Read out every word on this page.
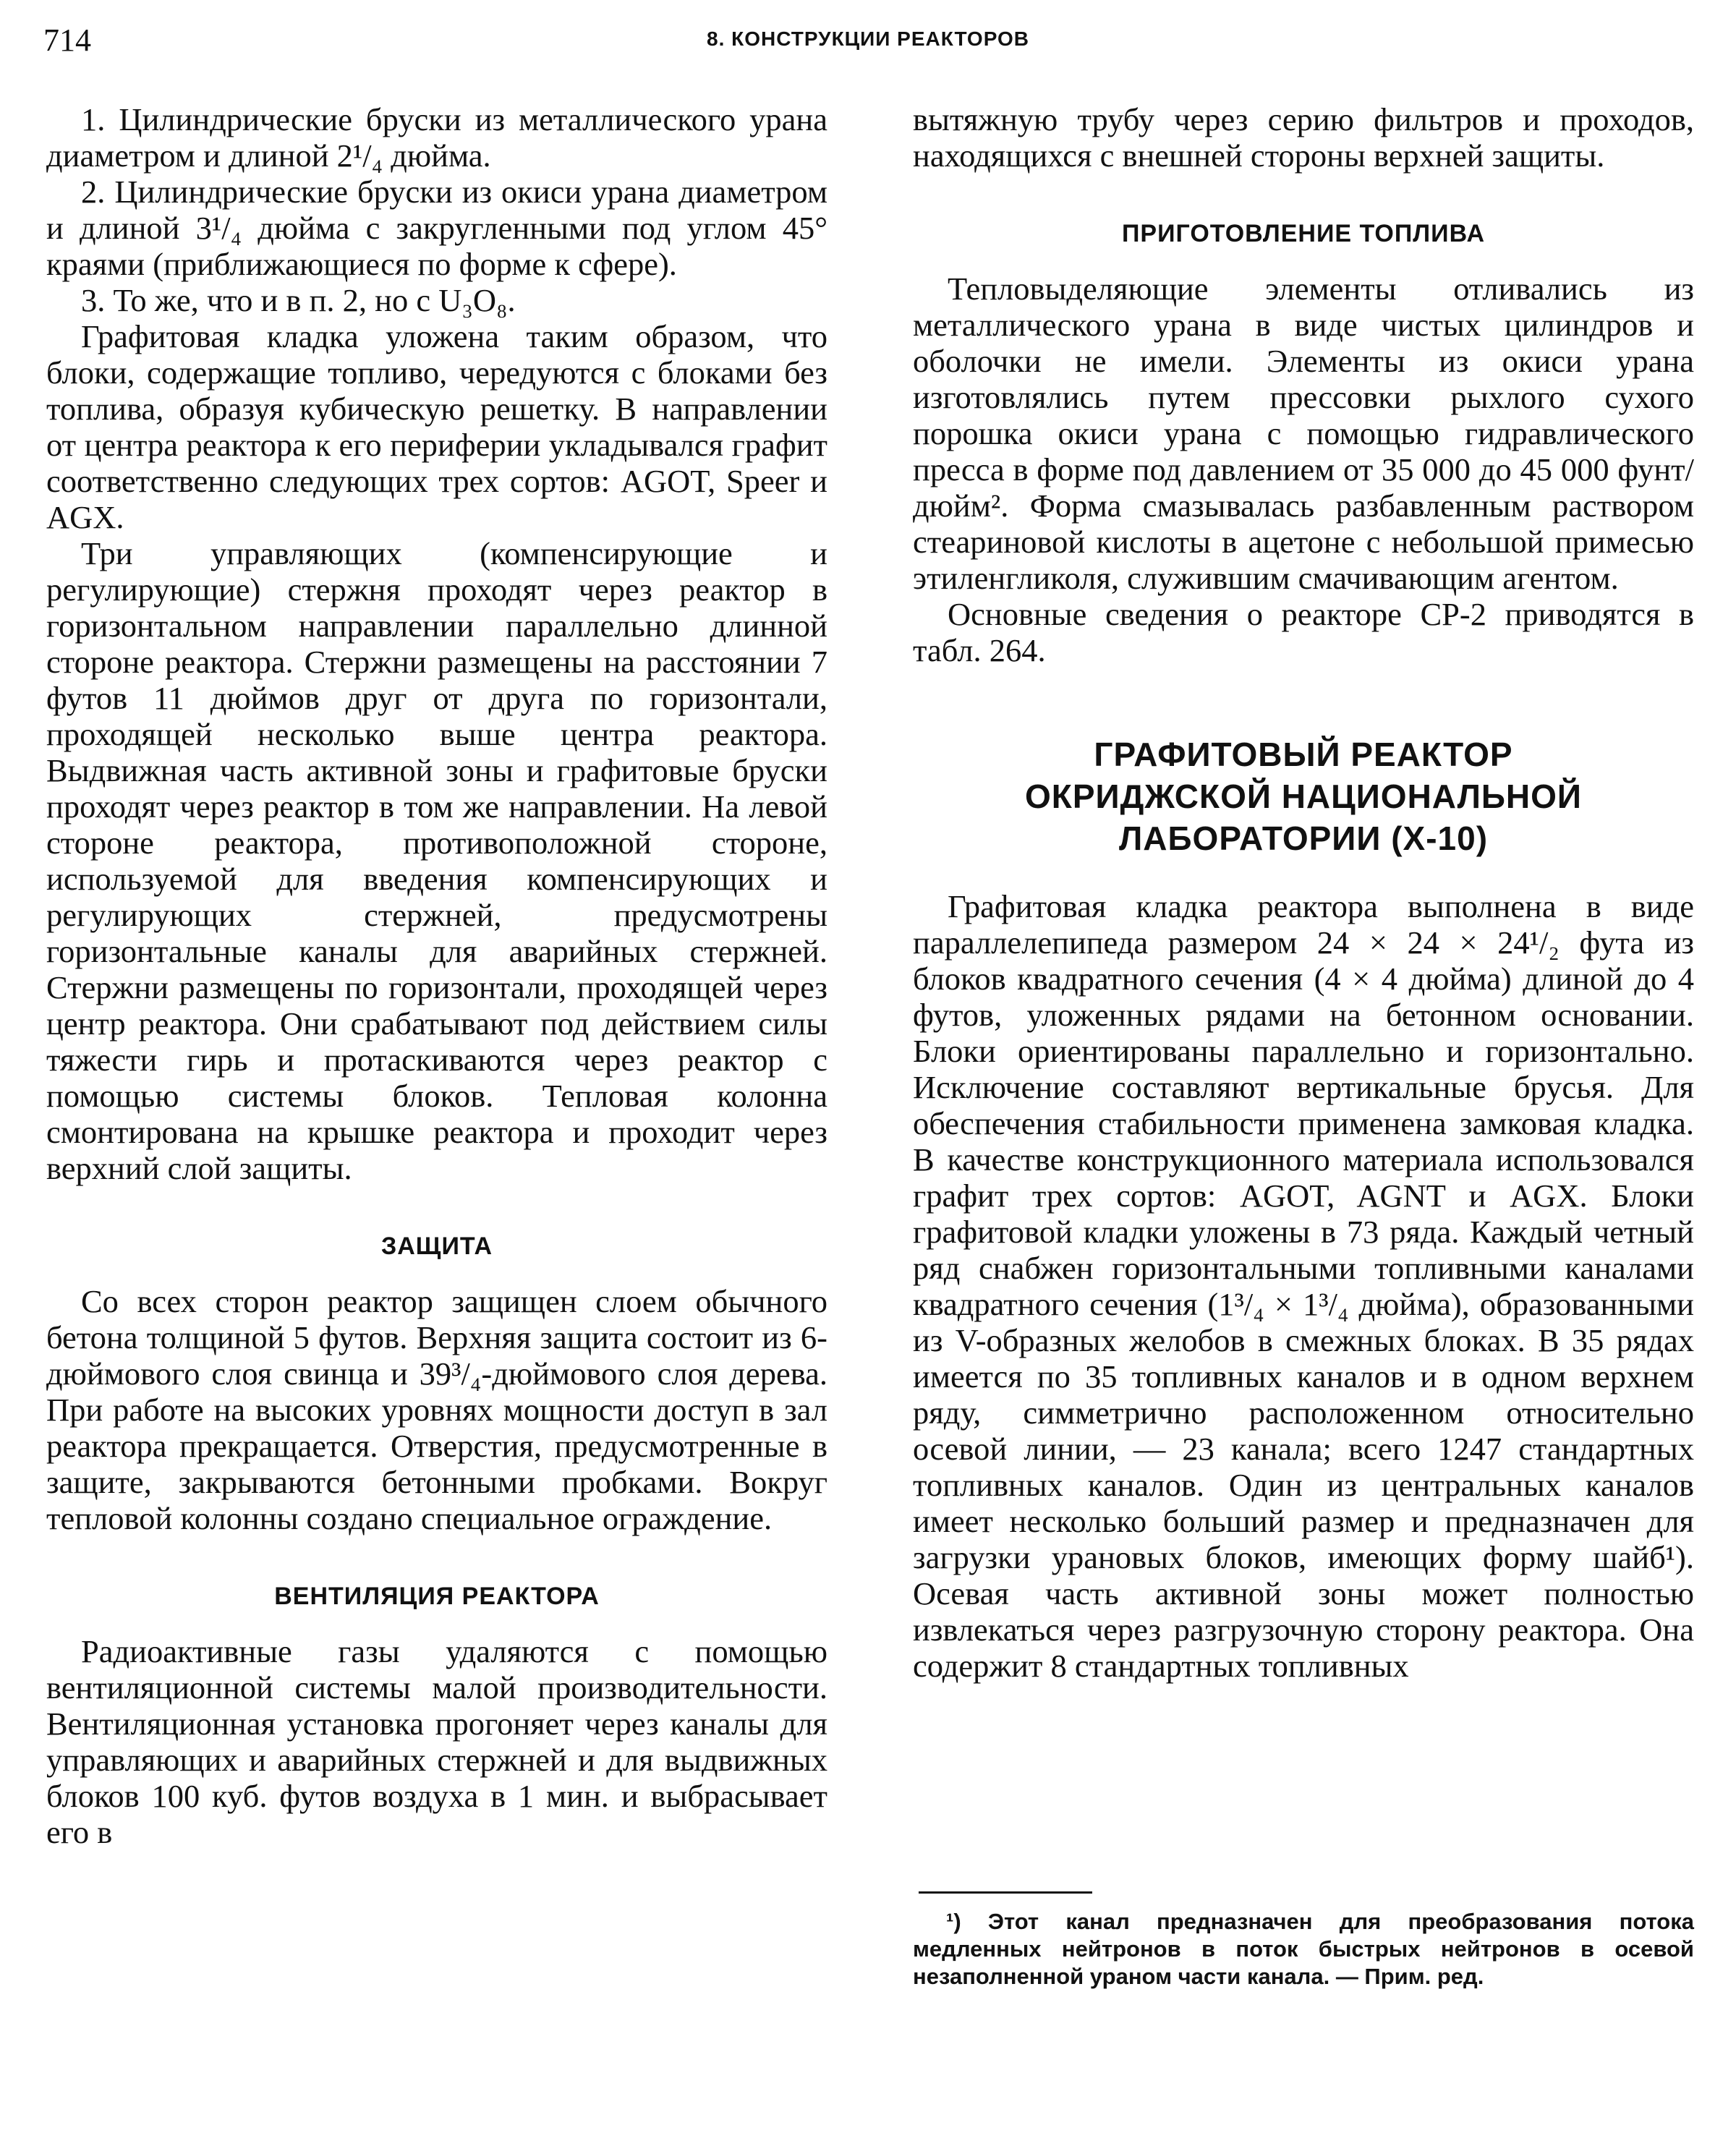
714	8. КОНСТРУКЦИИ РЕАКТОРОВ

1. Цилиндрические бруски из металлического урана диаметром и длиной 2¹/₄ дюйма.

2. Цилиндрические бруски из окиси урана диаметром и длиной 3¹/₄ дюйма с закругленными под углом 45° краями (приближающиеся по форме к сфере).

3. То же, что и в п. 2, но с U₃O₈.

Графитовая кладка уложена таким образом, что блоки, содержащие топливо, чередуются с блоками без топлива, образуя кубическую решетку. В направлении от центра реактора к его периферии укладывался графит соответственно следующих трех сортов: AGOT, Speer и AGX.

Три управляющих (компенсирующие и регулирующие) стержня проходят через реактор в горизонтальном направлении параллельно длинной стороне реактора. Стержни размещены на расстоянии 7 футов 11 дюймов друг от друга по горизонтали, проходящей несколько выше центра реактора. Выдвижная часть активной зоны и графитовые бруски проходят через реактор в том же направлении. На левой стороне реактора, противоположной стороне, используемой для введения компенсирующих и регулирующих стержней, предусмотрены горизонтальные каналы для аварийных стержней. Стержни размещены по горизонтали, проходящей через центр реактора. Они срабатывают под действием силы тяжести гирь и протаскиваются через реактор с помощью системы блоков. Тепловая колонна смонтирована на крышке реактора и проходит через верхний слой защиты.

ЗАЩИТА

Со всех сторон реактор защищен слоем обычного бетона толщиной 5 футов. Верхняя защита состоит из 6-дюймового слоя свинца и 39³/₄-дюймового слоя дерева. При работе на высоких уровнях мощности доступ в зал реактора прекращается. Отверстия, предусмотренные в защите, закрываются бетонными пробками. Вокруг тепловой колонны создано специальное ограждение.

ВЕНТИЛЯЦИЯ РЕАКТОРА

Радиоактивные газы удаляются с помощью вентиляционной системы малой производительности. Вентиляционная установка прогоняет через каналы для управляющих и аварийных стержней и для выдвижных блоков 100 куб. футов воздуха в 1 мин. и выбрасывает его в

вытяжную трубу через серию фильтров и проходов, находящихся с внешней стороны верхней защиты.

ПРИГОТОВЛЕНИЕ ТОПЛИВА

Тепловыделяющие элементы отливались из металлического урана в виде чистых цилиндров и оболочки не имели. Элементы из окиси урана изготовлялись путем прессовки рыхлого сухого порошка окиси урана с помощью гидравлического пресса в форме под давлением от 35 000 до 45 000 фунт/дюйм². Форма смазывалась разбавленным раствором стеариновой кислоты в ацетоне с небольшой примесью этиленгликоля, служившим смачивающим агентом.

Основные сведения о реакторе CP-2 приводятся в табл. 264.

ГРАФИТОВЫЙ РЕАКТОР
ОКРИДЖСКОЙ НАЦИОНАЛЬНОЙ
ЛАБОРАТОРИИ (X-10)

Графитовая кладка реактора выполнена в виде параллелепипеда размером 24 × 24 × 24¹/₂ фута из блоков квадратного сечения (4 × 4 дюйма) длиной до 4 футов, уложенных рядами на бетонном основании. Блоки ориентированы параллельно и горизонтально. Исключение составляют вертикальные брусья. Для обеспечения стабильности применена замковая кладка. В качестве конструкционного материала использовался графит трех сортов: AGOT, AGNT и AGX. Блоки графитовой кладки уложены в 73 ряда. Каждый четный ряд снабжен горизонтальными топливными каналами квадратного сечения (1³/₄ × 1³/₄ дюйма), образованными из V-образных желобов в смежных блоках. В 35 рядах имеется по 35 топливных каналов и в одном верхнем ряду, симметрично расположенном относительно осевой линии, — 23 канала; всего 1247 стандартных топливных каналов. Один из центральных каналов имеет несколько больший размер и предназначен для загрузки урановых блоков, имеющих форму шайб¹). Осевая часть активной зоны может полностью извлекаться через разгрузочную сторону реактора. Она содержит 8 стандартных топливных

¹) Этот канал предназначен для преобразования потока медленных нейтронов в поток быстрых нейтронов в осевой незаполненной ураном части канала. — Прим. ред.
